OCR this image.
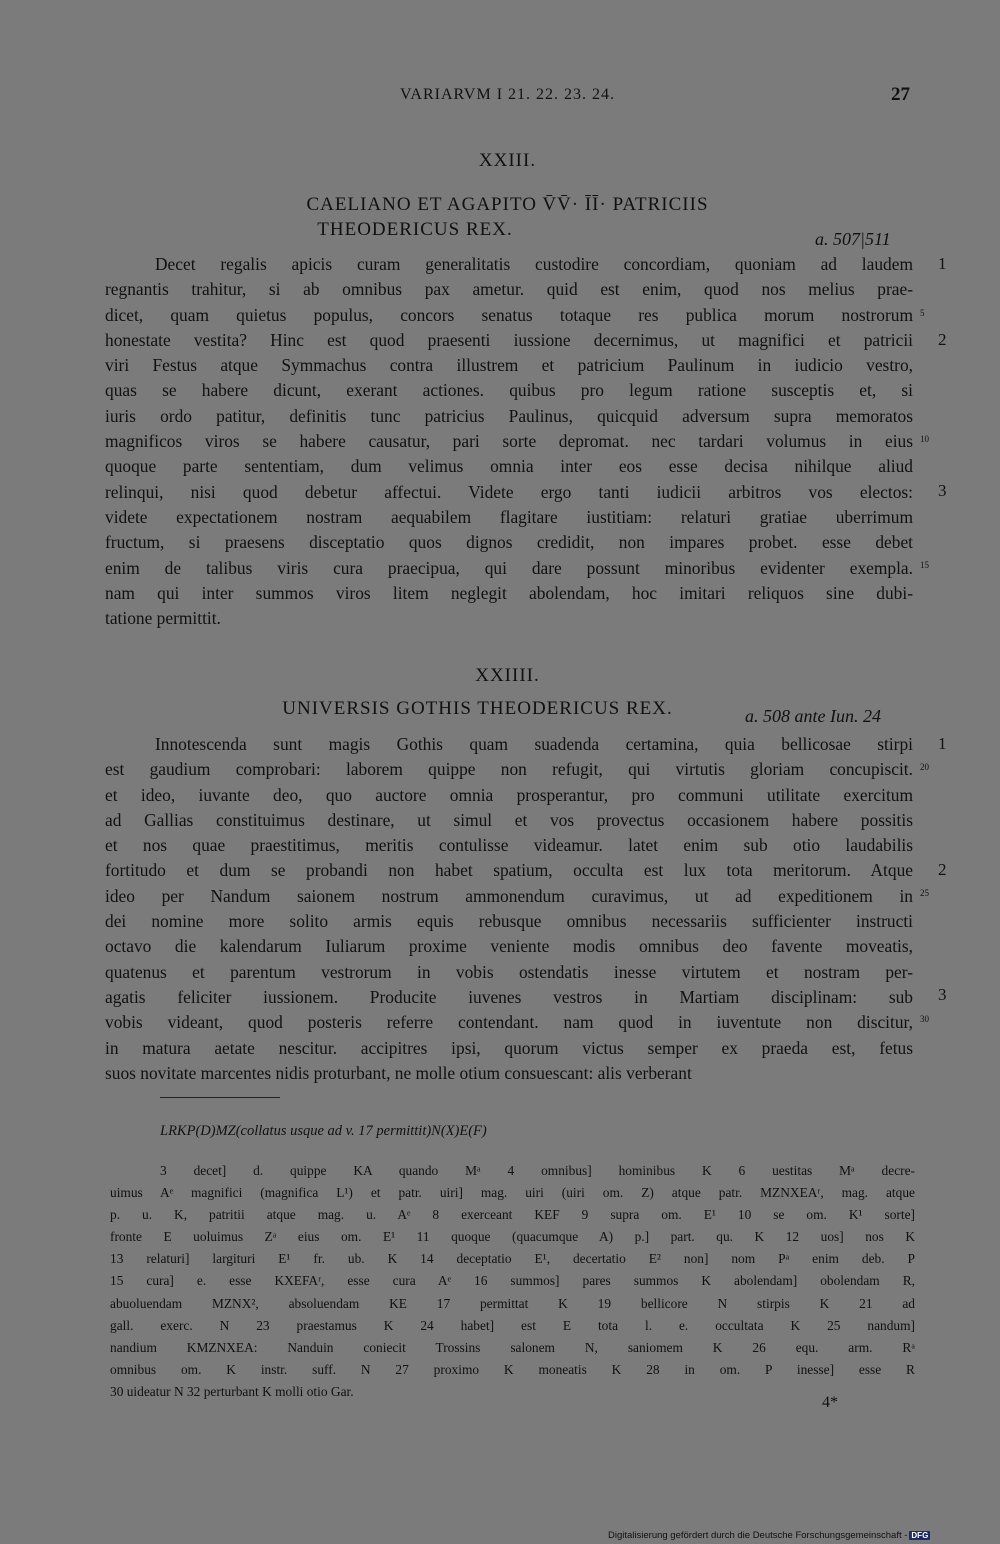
VARIARVM I 21. 22. 23. 24.	27
XXIII.
CAELIANO ET AGAPITO V̄V̄· ĪĪ· PATRICIIS
THEODERICUS REX.	a. 507|511
Decet regalis apicis curam generalitatis custodire concordiam, quoniam ad laudem
regnantis trahitur, si ab omnibus pax ametur. quid est enim, quod nos melius prae-
dicet, quam quietus populus, concors senatus totaque res publica morum nostrorum
honestate vestita? Hinc est quod praesenti iussione decernimus, ut magnifici et patricii
viri Festus atque Symmachus contra illustrem et patricium Paulinum in iudicio vestro,
quas se habere dicunt, exerant actiones. quibus pro legum ratione susceptis et, si
iuris ordo patitur, definitis tunc patricius Paulinus, quicquid adversum supra memoratos
magnificos viros se habere causatur, pari sorte depromat. nec tardari volumus in eius
quoque parte sententiam, dum velimus omnia inter eos esse decisa nihilque aliud
relinqui, nisi quod debetur affectui. Videte ergo tanti iudicii arbitros vos electos:
videte expectationem nostram aequabilem flagitare iustitiam: relaturi gratiae uberrimum
fructum, si praesens disceptatio quos dignos credidit, non impares probet. esse debet
enim de talibus viris cura praecipua, qui dare possunt minoribus evidenter exempla.
nam qui inter summos viros litem neglegit abolendam, hoc imitari reliquos sine dubi-
tatione permittit.
1
2
3
5
10
15
XXIIII.
UNIVERSIS GOTHIS THEODERICUS REX.	a. 508 ante Iun. 24
Innotescenda sunt magis Gothis quam suadenda certamina, quia bellicosae stirpi
est gaudium comprobari: laborem quippe non refugit, qui virtutis gloriam concupiscit.
et ideo, iuvante deo, quo auctore omnia prosperantur, pro communi utilitate exercitum
ad Gallias constituimus destinare, ut simul et vos provectus occasionem habere possitis
et nos quae praestitimus, meritis contulisse videamur. latet enim sub otio laudabilis
fortitudo et dum se probandi non habet spatium, occulta est lux tota meritorum. Atque
ideo per Nandum saionem nostrum ammonendum curavimus, ut ad expeditionem in
dei nomine more solito armis equis rebusque omnibus necessariis sufficienter instructi
octavo die kalendarum Iuliarum proxime veniente modis omnibus deo favente moveatis,
quatenus et parentum vestrorum in vobis ostendatis inesse virtutem et nostram per-
agatis feliciter iussionem. Producite iuvenes vestros in Martiam disciplinam: sub
vobis videant, quod posteris referre contendant. nam quod in iuventute non discitur,
in matura aetate nescitur. accipitres ipsi, quorum victus semper ex praeda est, fetus
suos novitate marcentes nidis proturbant, ne molle otium consuescant: alis verberant
1
2
3
20
25
30
LRKP(D)MZ(collatus usque ad v. 17 permittit)N(X)E(F)
3 decet] d. quippe KA quando Mᵃ 4 omnibus] hominibus K 6 uestitas Mᵃ decre-
uimus Aᵉ magnifici (magnifica L¹) et patr. uiri] mag. uiri (uiri om. Z) atque patr. MZNXEAʳ, mag. atque
p. u. K, patritii atque mag. u. Aᵉ 8 exerceant KEF 9 supra om. E¹ 10 se om. K¹ sorte]
fronte E uoluimus Zᵃ eius om. E¹ 11 quoque (quacumque A) p.] part. qu. K 12 uos] nos K
13 relaturi] largituri E¹ fr. ub. K 14 deceptatio E¹, decertatio E² non] nom Pᵃ enim deb. P
15 cura] e. esse KXEFAʳ, esse cura Aᵉ 16 summos] pares summos K abolendam] obolendam R,
abuoluendam MZNX², absoluendam KE 17 permittat K 19 bellicore N stirpis K 21 ad
gall. exerc. N 23 praestamus K 24 habet] est E tota l. e. occultata K 25 nandum]
nandium KMZNXEA: Nanduin coniecit Trossins salonem N, saniomem K 26 equ. arm. Rᵃ
omnibus om. K instr. suff. N 27 proximo K moneatis K 28 in om. P inesse] esse R
30 uideatur N 32 perturbant K molli otio Gar.
4*
Digitalisierung gefördert durch die Deutsche Forschungsgemeinschaft - DFG
